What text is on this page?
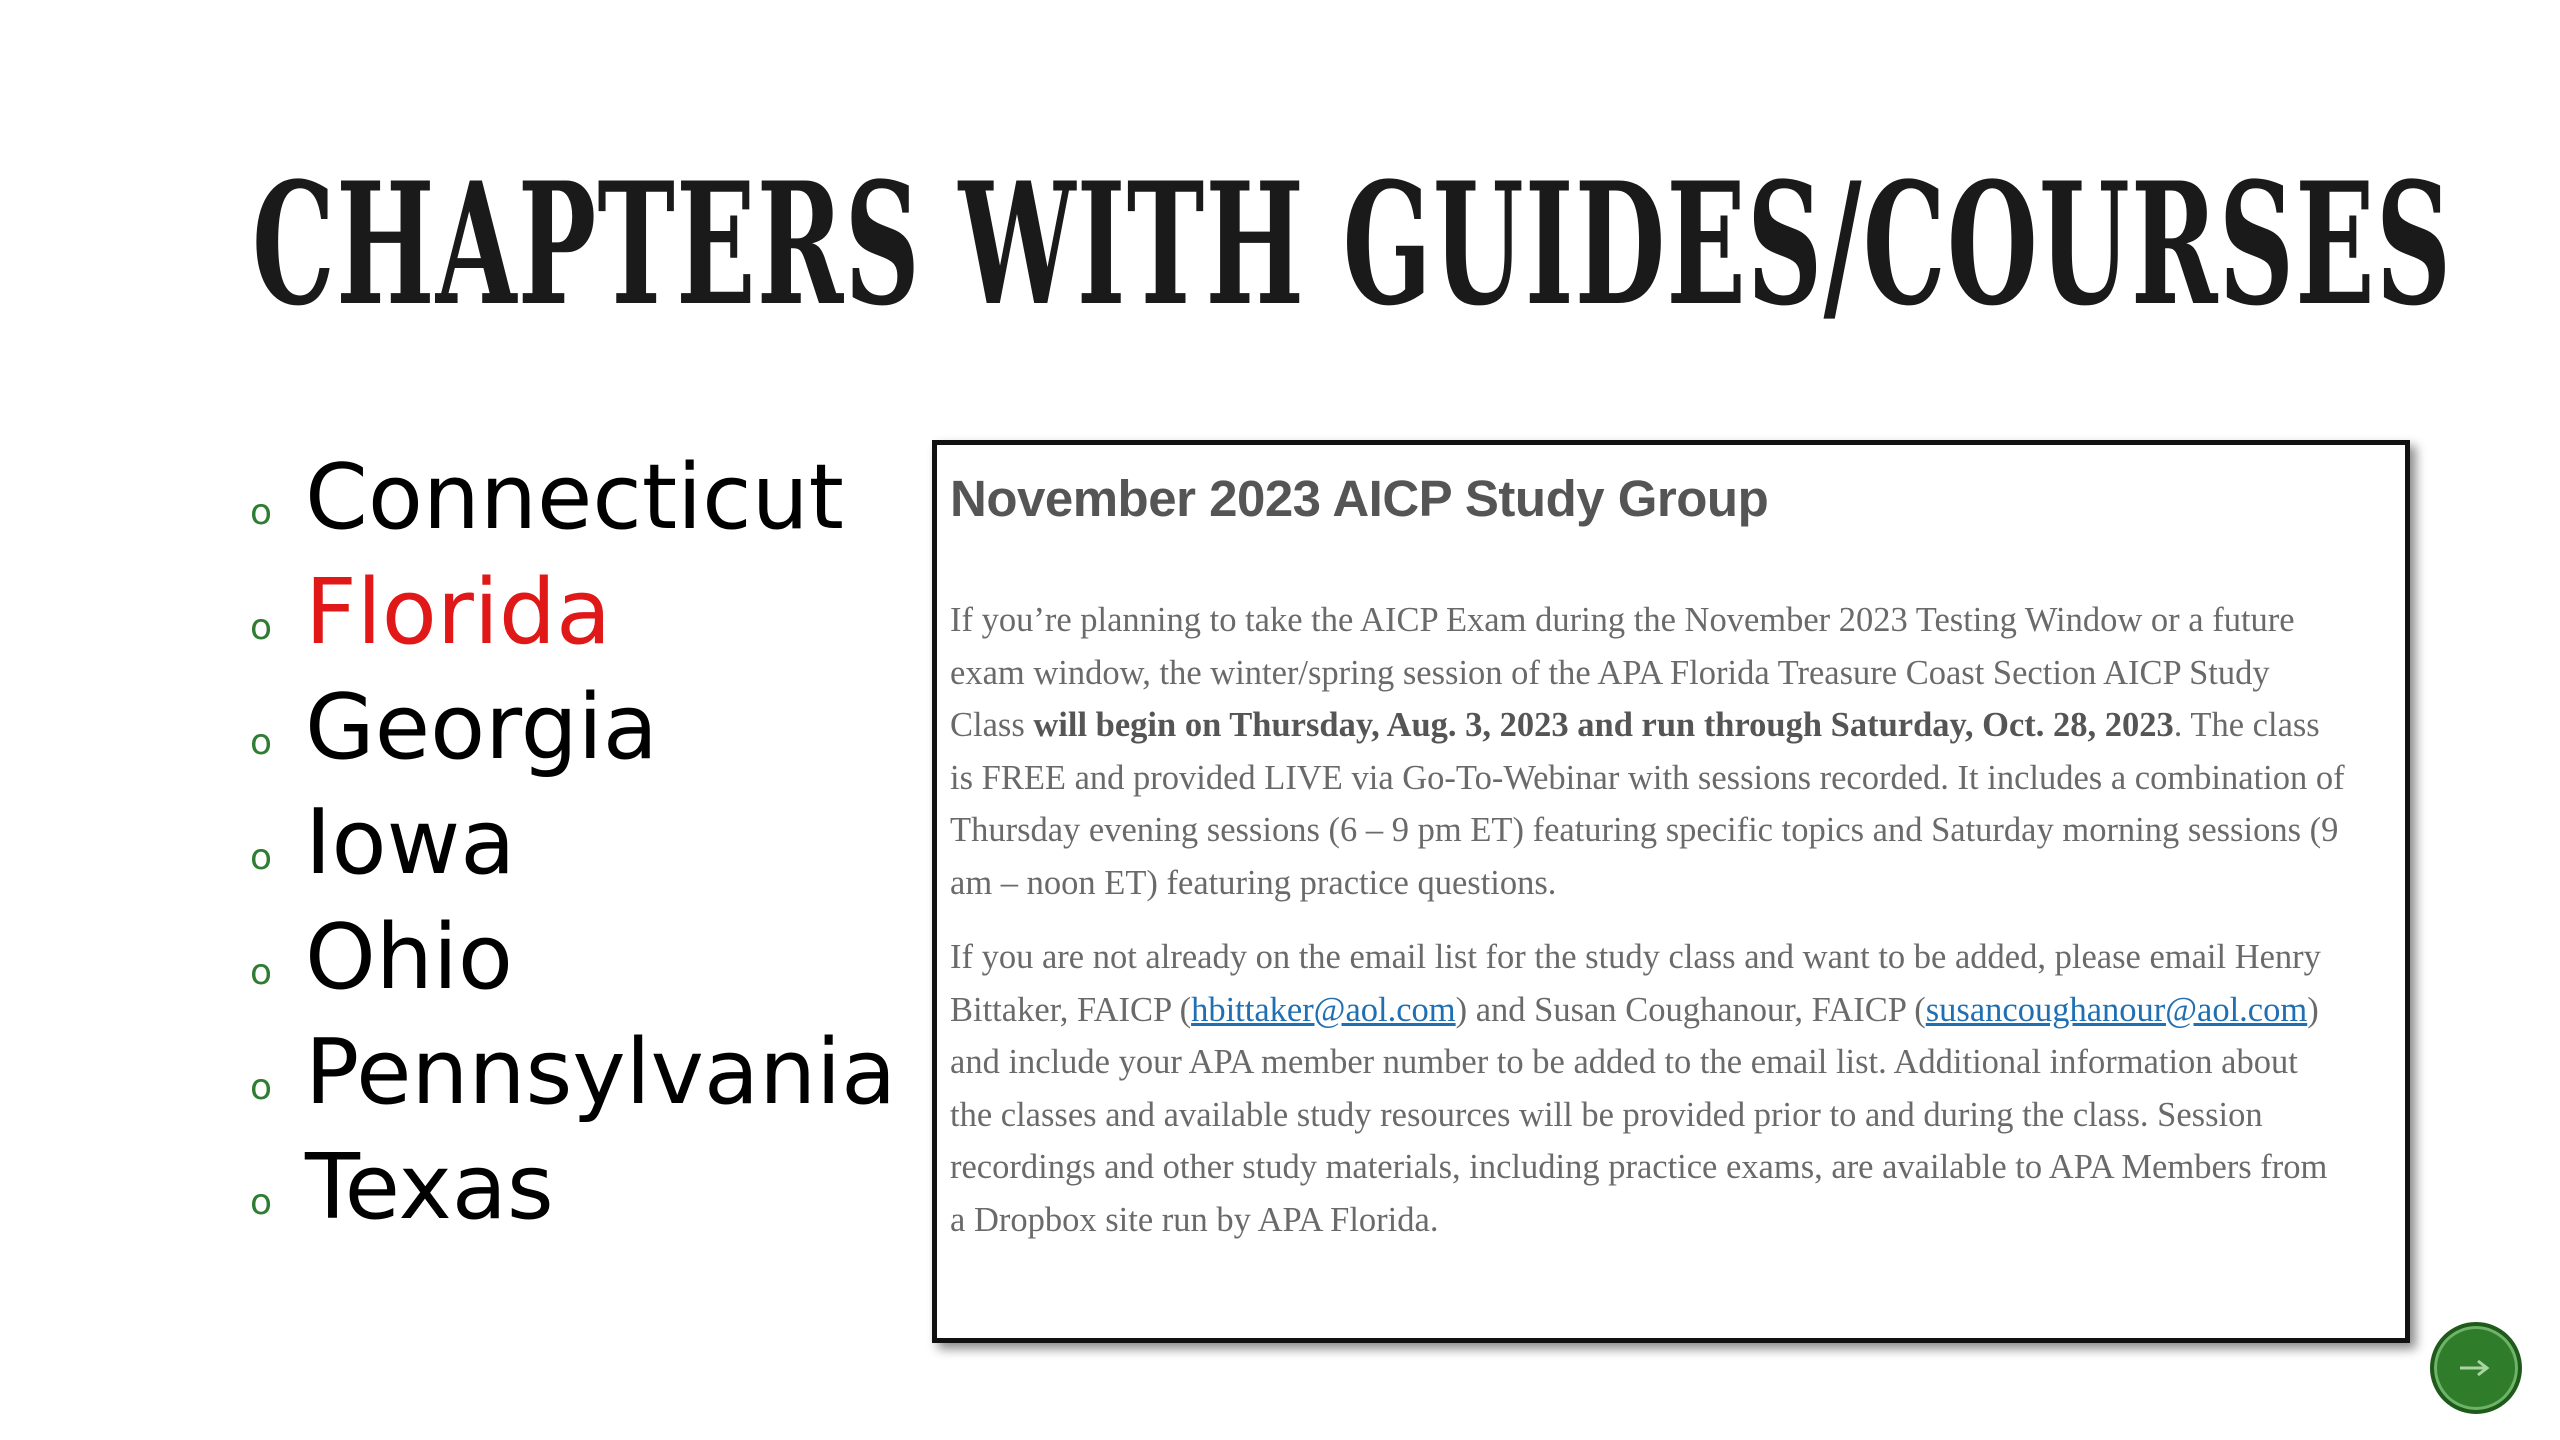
CHAPTERS WITH GUIDES/COURSES
o Connecticut
o Florida
o Georgia
o Iowa
o Ohio
o Pennsylvania
o Texas
November 2023 AICP Study Group

If you’re planning to take the AICP Exam during the November 2023 Testing Window or a future exam window, the winter/spring session of the APA Florida Treasure Coast Section AICP Study Class will begin on Thursday, Aug. 3, 2023 and run through Saturday, Oct. 28, 2023. The class is FREE and provided LIVE via Go-To-Webinar with sessions recorded. It includes a combination of Thursday evening sessions (6 – 9 pm ET) featuring specific topics and Saturday morning sessions (9 am – noon ET) featuring practice questions.

If you are not already on the email list for the study class and want to be added, please email Henry Bittaker, FAICP (hbittaker@aol.com) and Susan Coughanour, FAICP (susancoughanour@aol.com) and include your APA member number to be added to the email list. Additional information about the classes and available study resources will be provided prior to and during the class. Session recordings and other study materials, including practice exams, are available to APA Members from a Dropbox site run by APA Florida.
